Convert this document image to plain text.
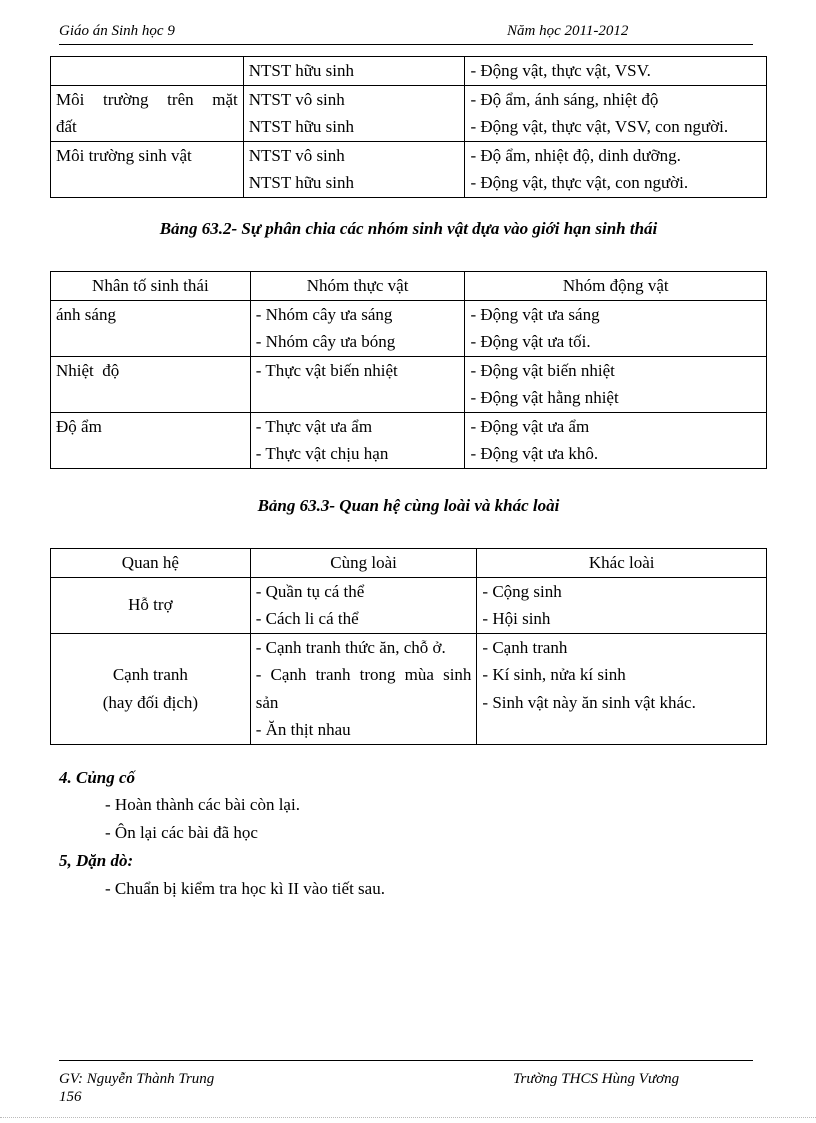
Giáo án Sinh học 9	Năm học 2011-2012
	NTST hữu sinh	- Động vật, thực vật, VSV.

Môi trường trên mặt	NTST vô sinh	- Độ ẩm, ánh sáng, nhiệt độ
đất	NTST hữu sinh	- Động vật, thực vật, VSV, con người.
Môi trường sinh vật	NTST vô sinh	- Độ ẩm, nhiệt độ, dinh dưỡng.
	NTST hữu sinh	- Động vật, thực vật, con người.
Bảng 63.2- Sự phân chia các nhóm sinh vật dựa vào giới hạn sinh thái
Nhân tố sinh thái	Nhóm thực vật	Nhóm động vật
ánh sáng	- Nhóm cây ưa sáng	- Động vật ưa sáng
	- Nhóm cây ưa bóng	- Động vật ưa tối.
Nhiệt  độ	- Thực vật biến nhiệt	- Động vật biến nhiệt
		- Động vật hằng nhiệt
Độ ẩm	- Thực vật ưa ẩm	- Động vật ưa ẩm
	- Thực vật chịu hạn	- Động vật ưa khô.
Bảng 63.3- Quan hệ cùng loài và khác loài
Quan hệ	Cùng loài	Khác loài
Hỗ trợ	- Quần tụ cá thể	- Cộng sinh
	- Cách li cá thể	- Hội sinh

Cạnh tranh
(hay đối địch)	- Cạnh tranh thức ăn, chỗ ở.	- Cạnh tranh

	- Cạnh tranh trong mùa sinh	- Kí sinh, nửa kí sinh
	sản	- Sinh vật này ăn sinh vật khác.
	- Ăn thịt nhau	
4. Củng cố
- Hoàn thành các bài còn lại.
- Ôn lại các bài đã học
5, Dặn dò:
- Chuẩn bị kiểm tra học kì II vào tiết sau.
GV: Nguyễn Thành Trung	Trường THCS Hùng Vương
156
